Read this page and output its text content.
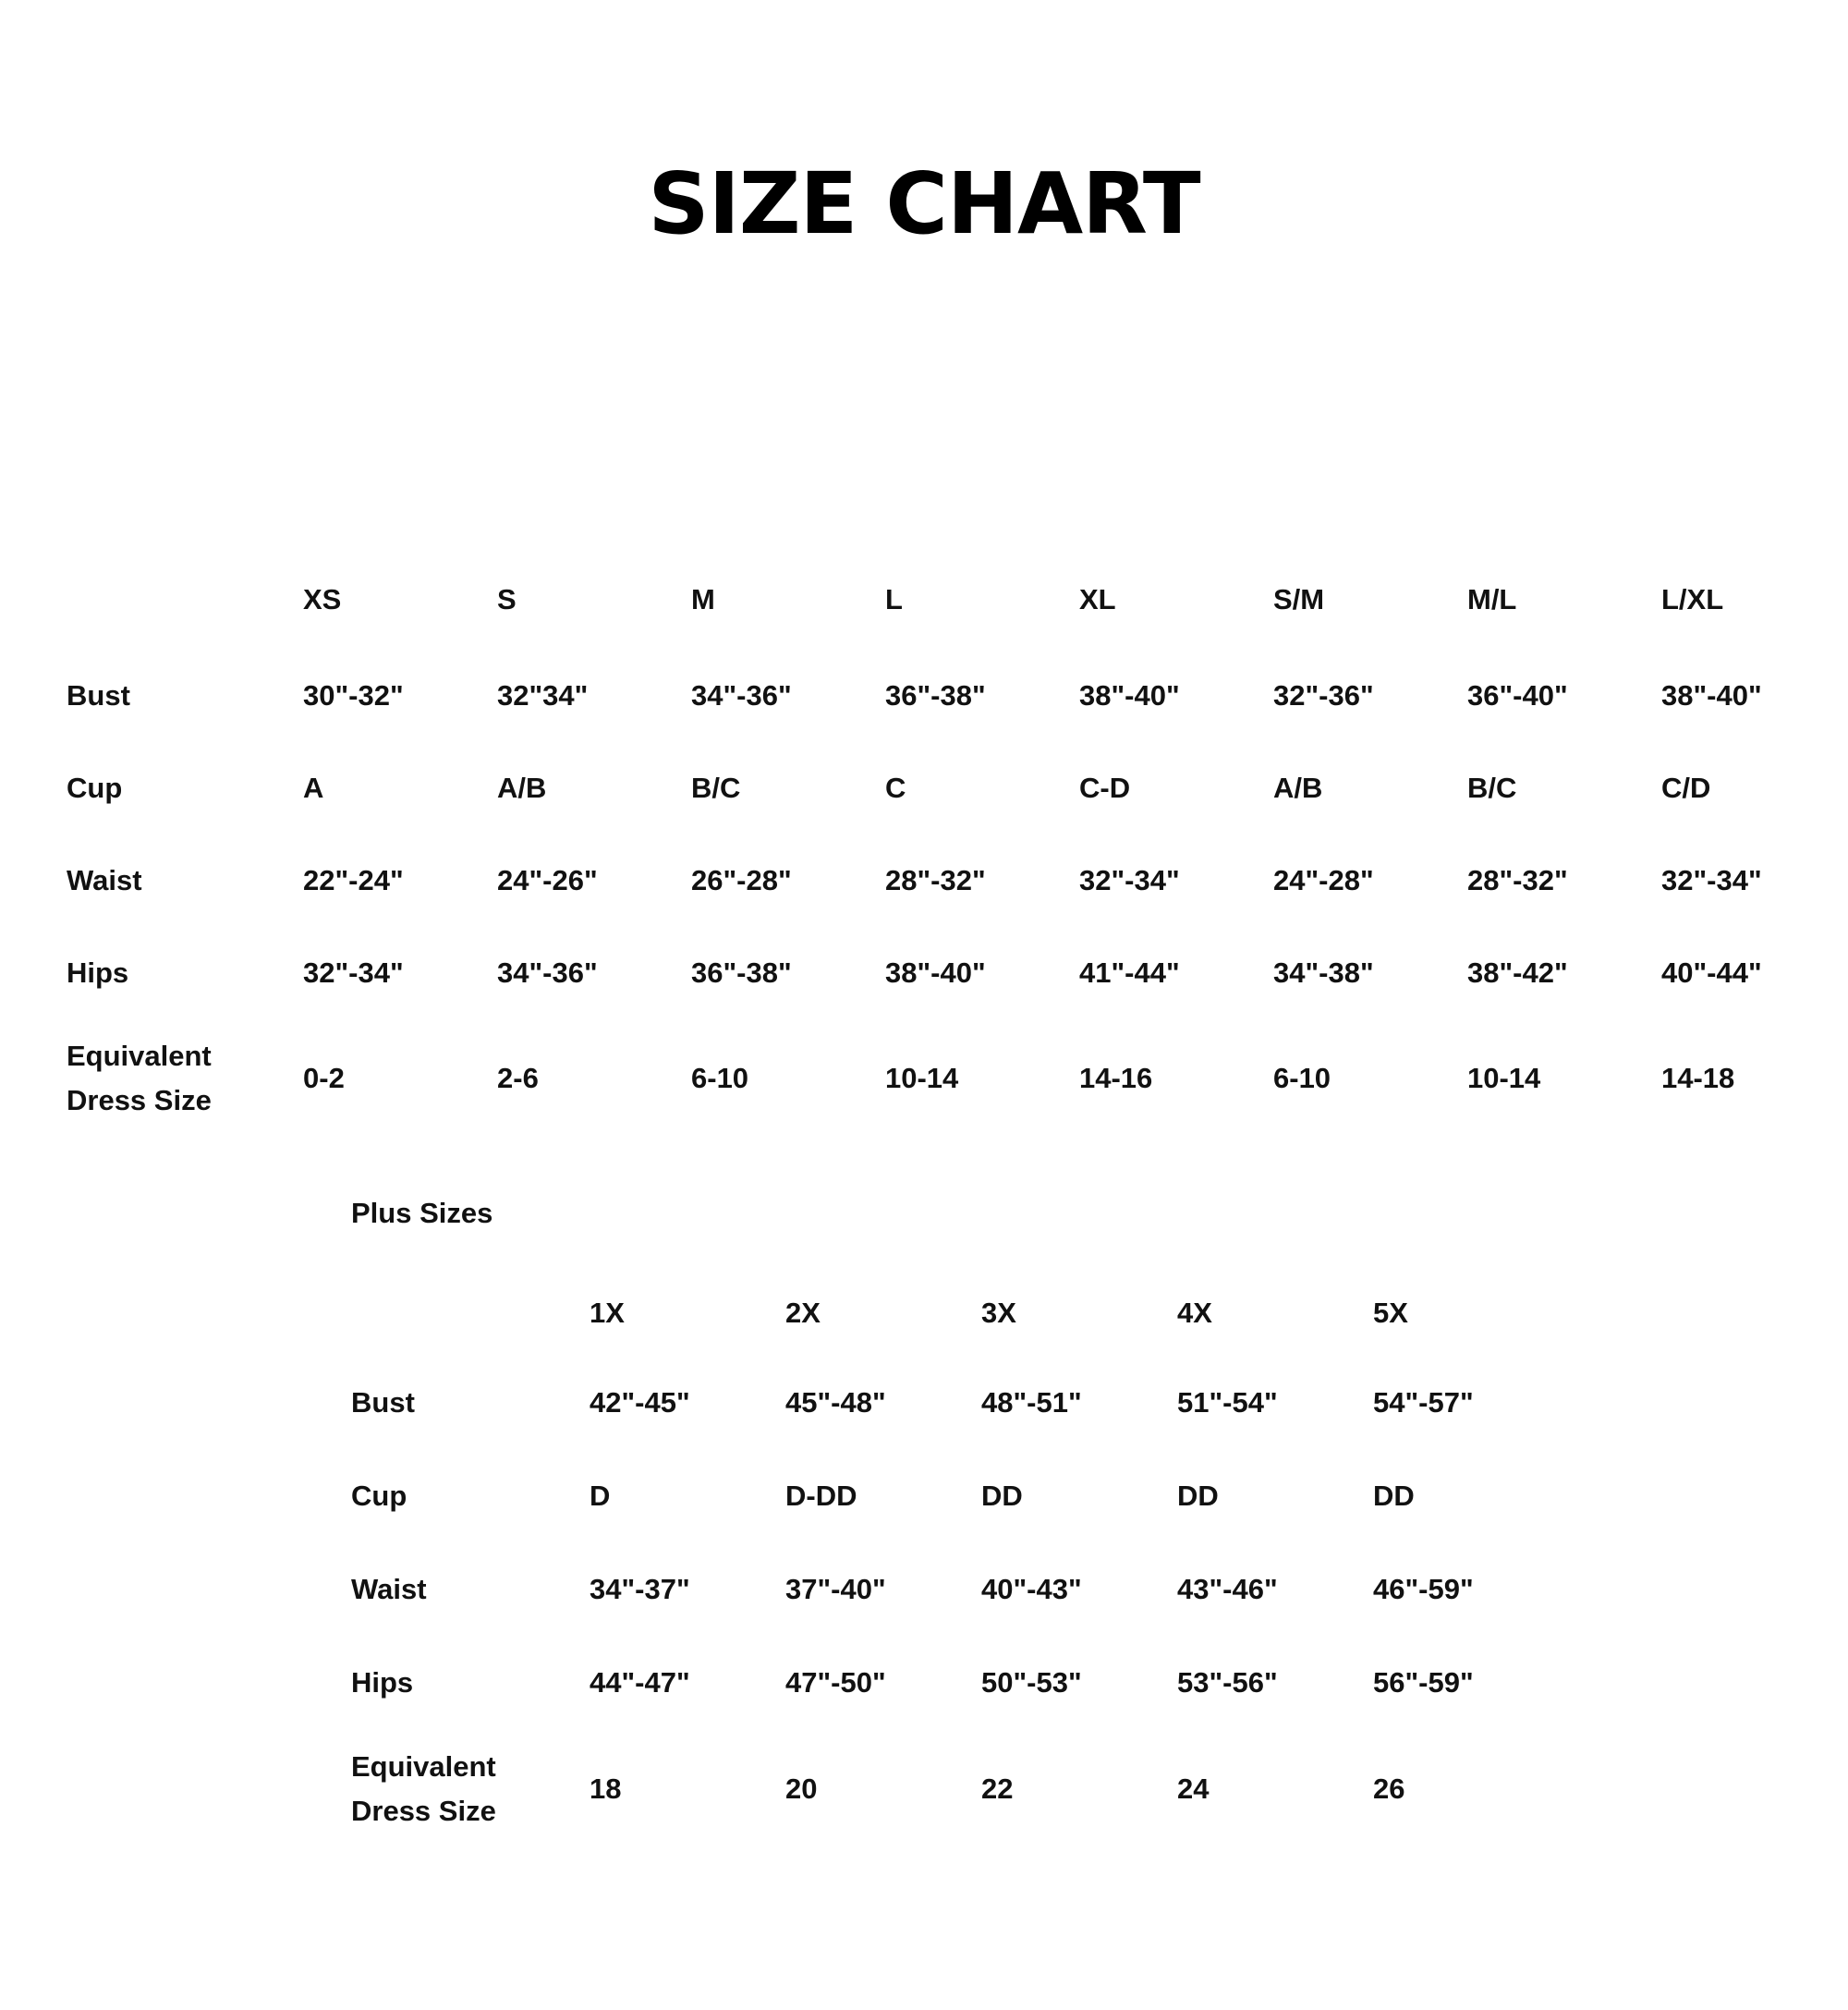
SIZE CHART
	XS	S	M	L	XL	S/M	M/L	L/XL
Bust	30"-32"	32"34"	34"-36"	36"-38"	38"-40"	32"-36"	36"-40"	38"-40"
Cup	A	A/B	B/C	C	C-D	A/B	B/C	C/D
Waist	22"-24"	24"-26"	26"-28"	28"-32"	32"-34"	24"-28"	28"-32"	32"-34"
Hips	32"-34"	34"-36"	36"-38"	38"-40"	41"-44"	34"-38"	38"-42"	40"-44"

Equivalent
Dress Size	0-2	2-6	6-10	10-14	14-16	6-10	10-14	14-18
Plus Sizes
	1X	2X	3X	4X	5X
Bust	42"-45"	45"-48"	48"-51"	51"-54"	54"-57"
Cup	D	D-DD	DD	DD	DD
Waist	34"-37"	37"-40"	40"-43"	43"-46"	46"-59"
Hips	44"-47"	47"-50"	50"-53"	53"-56"	56"-59"

Equivalent
Dress Size	18	20	22	24	26
